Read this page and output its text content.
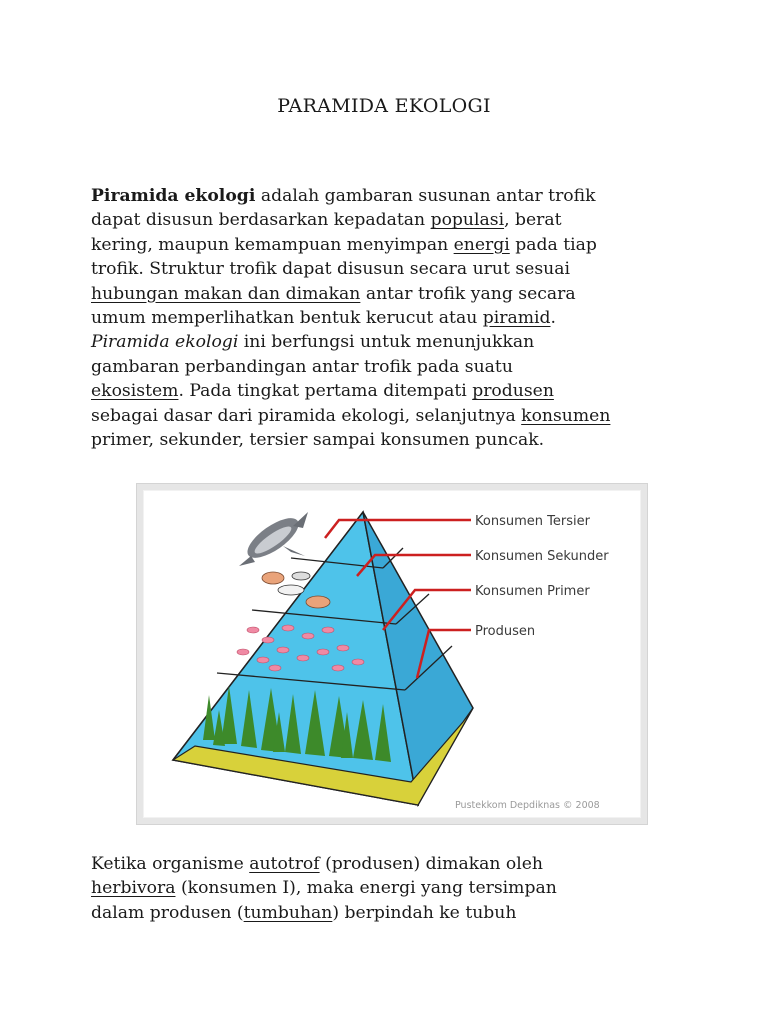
PARAMIDA EKOLOGI
Piramida ekologi adalah gambaran susunan antar trofik
dapat disusun berdasarkan kepadatan populasi, berat
kering, maupun kemampuan menyimpan energi pada tiap
trofik. Struktur trofik dapat disusun secara urut sesuai
hubungan makan dan dimakan antar trofik yang secara
umum memperlihatkan bentuk kerucut atau piramid.
Piramida ekologi ini berfungsi untuk menunjukkan
gambaran perbandingan antar trofik pada suatu
ekosistem. Pada tingkat pertama ditempati produsen
sebagai dasar dari piramida ekologi, selanjutnya konsumen
primer, sekunder, tersier sampai konsumen puncak.
Konsumen Tersier
Konsumen Sekunder
Konsumen Primer
Produsen
Pustekkom Depdiknas © 2008
Ketika organisme autotrof (produsen) dimakan oleh
herbivora (konsumen I), maka energi yang tersimpan
dalam produsen (tumbuhan) berpindah ke tubuh
